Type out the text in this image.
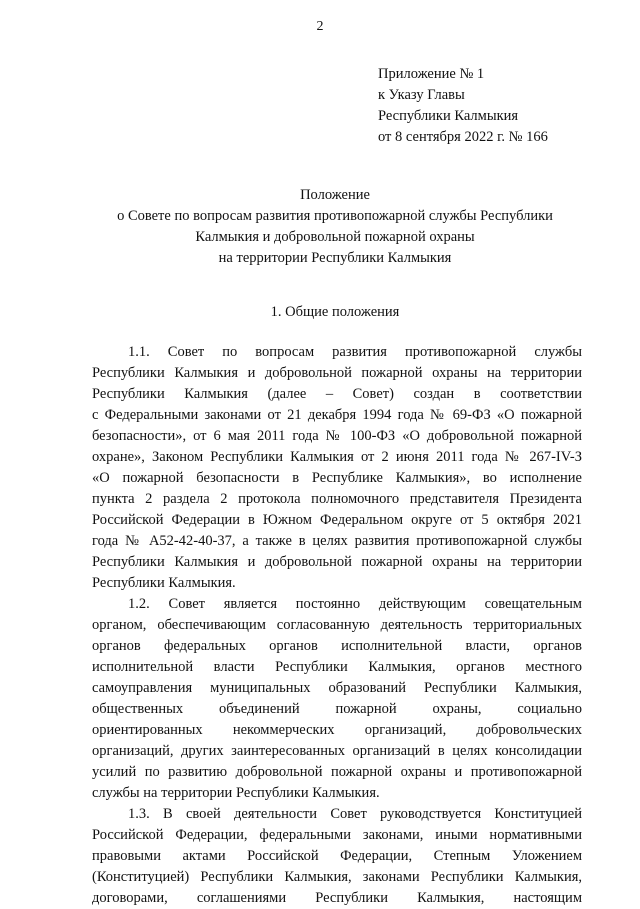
2
Приложение № 1
к Указу Главы
Республики Калмыкия
от 8 сентября 2022 г. № 166
Положение
о Совете по вопросам развития противопожарной службы Республики
Калмыкия и добровольной пожарной охраны
на территории Республики Калмыкия
1. Общие положения
1.1. Совет по вопросам развития противопожарной службы
Республики Калмыкия и добровольной пожарной охраны на территории
Республики Калмыкия (далее – Совет) создан в соответствии
с Федеральными законами от 21 декабря 1994 года № 69-ФЗ «О пожарной
безопасности», от 6 мая 2011 года № 100-ФЗ «О добровольной пожарной
охране», Законом Республики Калмыкия от 2 июня 2011 года № 267-IV-З
«О пожарной безопасности в Республике Калмыкия», во исполнение
пункта 2 раздела 2 протокола полномочного представителя Президента
Российской Федерации в Южном Федеральном округе от 5 октября 2021
года № А52-42-40-37, а также в целях развития противопожарной службы
Республики Калмыкия и добровольной пожарной охраны на территории
Республики Калмыкия.
1.2. Совет является постоянно действующим совещательным
органом, обеспечивающим согласованную деятельность территориальных
органов федеральных органов исполнительной власти, органов
исполнительной власти Республики Калмыкия, органов местного
самоуправления муниципальных образований Республики Калмыкия,
общественных объединений пожарной охраны, социально
ориентированных некоммерческих организаций, добровольческих
организаций, других заинтересованных организаций в целях консолидации
усилий по развитию добровольной пожарной охраны и противопожарной
службы на территории Республики Калмыкия.
1.3. В своей деятельности Совет руководствуется Конституцией
Российской Федерации, федеральными законами, иными нормативными
правовыми актами Российской Федерации, Степным Уложением
(Конституцией) Республики Калмыкия, законами Республики Калмыкия,
договорами, соглашениями Республики Калмыкия, настоящим
